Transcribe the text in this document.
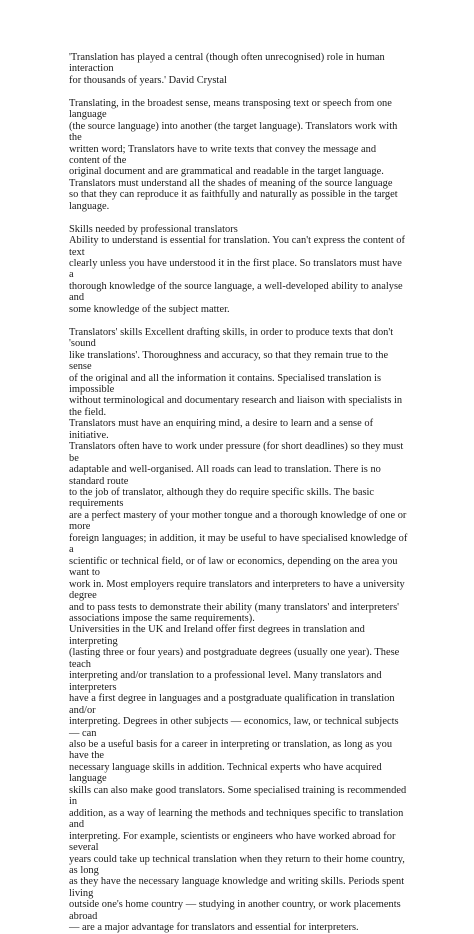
'Translation has played a central (though often unrecognised) role in human interaction
for thousands of years.' David Crystal

Translating, in the broadest sense, means transposing text or speech from one language
(the source language) into another (the target language). Translators work with the
written word; Translators have to write texts that convey the message and content of the
original document and are grammatical and readable in the target language.
Translators must understand all the shades of meaning of the source language
so that they can reproduce it as faithfully and naturally as possible in the target
language.

Skills needed by professional translators

Ability to understand is essential for translation. You can't express the content of text
clearly unless you have understood it in the first place. So translators must have a
thorough knowledge of the source language, a well-developed ability to analyse and
some knowledge of the subject matter.

Translators' skills Excellent drafting skills, in order to produce texts that don't 'sound
like translations'. Thoroughness and accuracy, so that they remain true to the sense
of the original and all the information it contains. Specialised translation is impossible
without terminological and documentary research and liaison with specialists in the field.
Translators must have an enquiring mind, a desire to learn and a sense of initiative.
Translators often have to work under pressure (for short deadlines) so they must be
adaptable and well-organised. All roads can lead to translation. There is no standard route
to the job of translator, although they do require specific skills. The basic requirements
are a perfect mastery of your mother tongue and a thorough knowledge of one or more
foreign languages; in addition, it may be useful to have specialised knowledge of a
scientific or technical field, or of law or economics, depending on the area you want to
work in. Most employers require translators and interpreters to have a university degree
and to pass tests to demonstrate their ability (many translators' and interpreters'
associations impose the same requirements).

Universities in the UK and Ireland offer first degrees in translation and interpreting
(lasting three or four years) and postgraduate degrees (usually one year). These teach
interpreting and/or translation to a professional level. Many translators and interpreters
have a first degree in languages and a postgraduate qualification in translation and/or
interpreting. Degrees in other subjects — economics, law, or technical subjects — can
also be a useful basis for a career in interpreting or translation, as long as you have the
necessary language skills in addition. Technical experts who have acquired language
skills can also make good translators. Some specialised training is recommended in
addition, as a way of learning the methods and techniques specific to translation and
interpreting. For example, scientists or engineers who have worked abroad for several
years could take up technical translation when they return to their home country, as long
as they have the necessary language knowledge and writing skills. Periods spent living
outside one's home country — studying in another country, or work placements abroad
— are a major advantage for translators and essential for interpreters.
